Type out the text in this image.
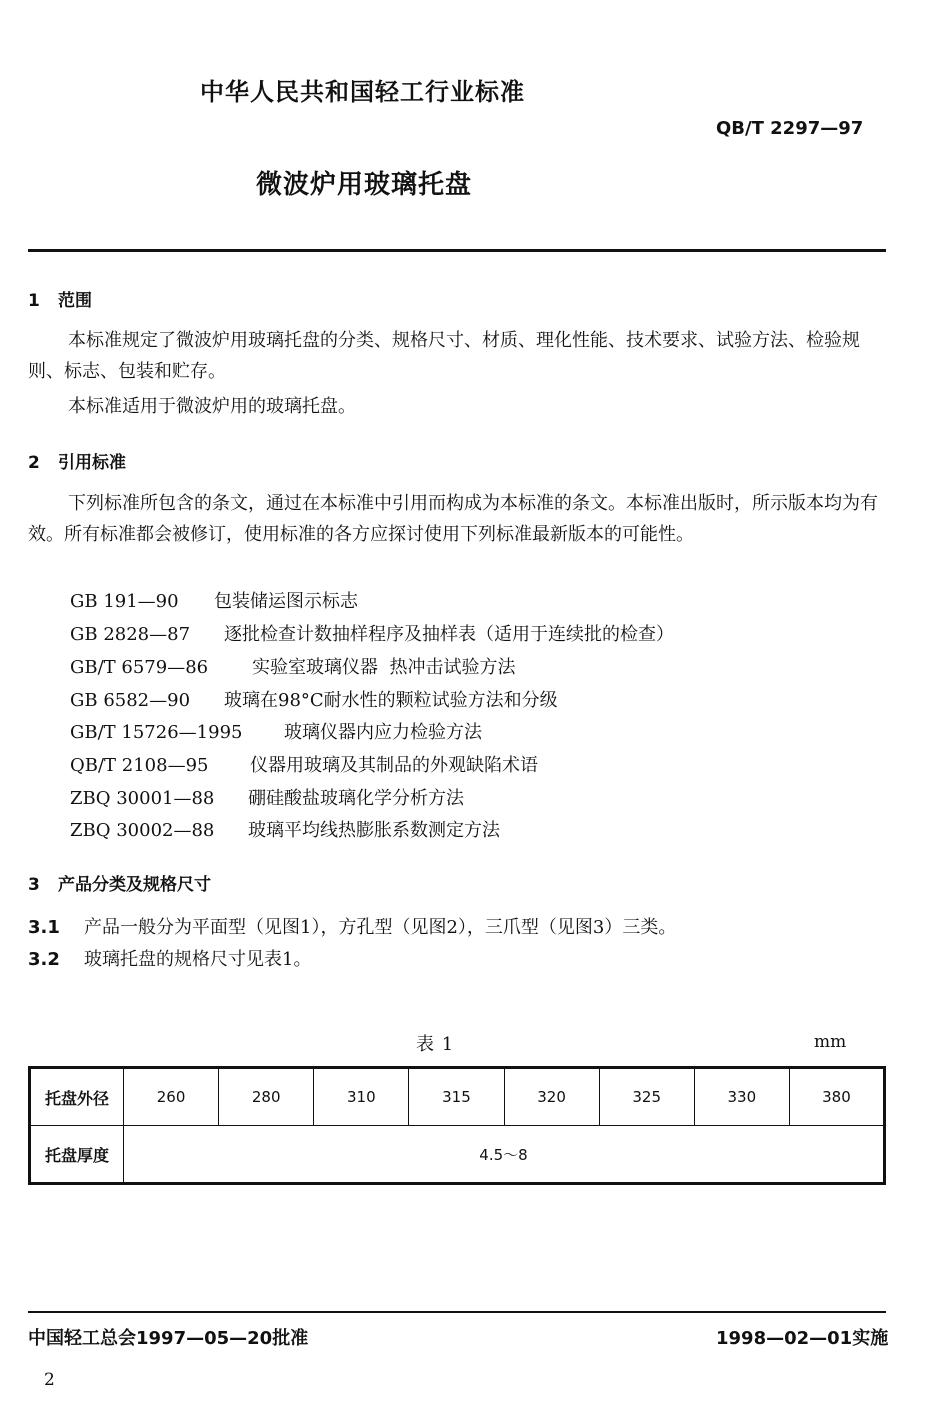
中华人民共和国轻工行业标准
QB/T 2297—97
微波炉用玻璃托盘
1 范围

本标准规定了微波炉用玻璃托盘的分类、规格尺寸、材质、理化性能、技术要求、试验方法、检验规则、标志、包装和贮存。

本标准适用于微波炉用的玻璃托盘。

2 引用标准

下列标准所包含的条文，通过在本标准中引用而构成为本标准的条文。本标准出版时，所示版本均为有效。所有标准都会被修订，使用标准的各方应探讨使用下列标准最新版本的可能性。

GB 191—90 包装储运图示标志
GB 2828—87 逐批检查计数抽样程序及抽样表（适用于连续批的检查）
GB/T 6579—86 实验室玻璃仪器  热冲击试验方法
GB 6582—90 玻璃在98°C耐水性的颗粒试验方法和分级
GB/T 15726—1995 玻璃仪器内应力检验方法
QB/T 2108—95 仪器用玻璃及其制品的外观缺陷术语
ZBQ 30001—88 硼硅酸盐玻璃化学分析方法
ZBQ 30002—88 玻璃平均线热膨胀系数测定方法
3 产品分类及规格尺寸
3.1 产品一般分为平面型（见图1），方孔型（见图2），三爪型（见图3）三类。
3.2 玻璃托盘的规格尺寸见表1。
表 1	mm
托盘外径	260	280	310	315	320	325	330	380
托盘厚度	4.5～8							
中国轻工总会1997—05—20批准	1998—02—01实施
2
